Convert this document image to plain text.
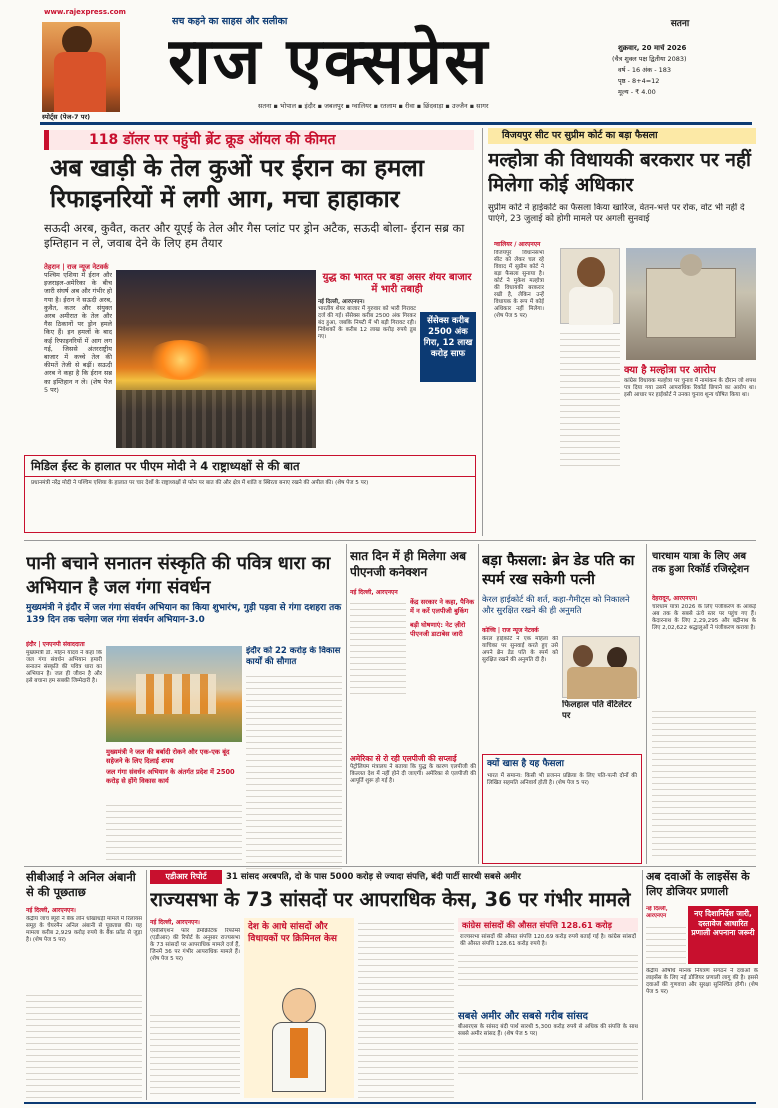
www.rajexpress.com
स्पोर्ट्स (पेज-7 पर)
सच कहने का साहस और सलीका
राज एक्सप्रेस
सतना ▪ भोपाल ▪ इंदौर ▪ जबलपुर ▪ ग्वालियर ▪ रतलाम ▪ रीवा ▪ छिंदवाड़ा ▪ उज्जैन ▪ सागर
सतना
शुक्रवार, 20 मार्च 2026
(चैत्र शुक्ल पक्ष द्वितीया 2083)
वर्ष - 16 अंक - 183
पृष्ठ - 8+4=12
मूल्य - ₹ 4.00
118 डॉलर पर पहुंची ब्रेंट क्रूड ऑयल की कीमत
अब खाड़ी के तेल कुओं पर ईरान का हमला
रिफाइनरियों में लगी आग, मचा हाहाकार
सऊदी अरब, कुवैत, कतर और यूएई के तेल और गैस प्लांट पर ड्रोन अटैक, सऊदी बोला- ईरान सब्र का इम्तिहान न ले, जवाब देने के लिए हम तैयार
तेहरान | राज न्यूज नेटवर्क
पश्चिम एशिया में ईरान और इजराइल-अमेरिका के बीच जारी संघर्ष अब और गंभीर हो गया है। ईरान ने सऊदी अरब, कुवैत, कतर और संयुक्त अरब अमीरात के तेल और गैस ठिकानों पर ड्रोन हमले किए हैं। इन हमलों के बाद कई रिफाइनरियों में आग लग गई, जिससे अंतरराष्ट्रीय बाजार में कच्चे तेल की कीमतें तेजी से बढ़ीं। सऊदी अरब ने कहा है कि ईरान सब्र का इम्तिहान न ले। (शेष पेज 5 पर)
युद्ध का भारत पर बड़ा असर शेयर बाजार में भारी तबाही
नई दिल्ली, आरएनएन।
भारतीय शेयर बाजार में गुरुवार को भारी गिरावट दर्ज की गई। सेंसेक्स करीब 2500 अंक गिरकर बंद हुआ, जबकि निफ्टी में भी बड़ी गिरावट रही। निवेशकों के करीब 12 लाख करोड़ रुपये डूब गए।
सेंसेक्स करीब 2500 अंक गिरा, 12 लाख करोड़ साफ
मिडिल ईस्ट के हालात पर पीएम मोदी ने 4 राष्ट्राध्यक्षों से की बात
प्रधानमंत्री नरेंद्र मोदी ने पश्चिम एशिया के हालात पर चार देशों के राष्ट्राध्यक्षों से फोन पर बात की और क्षेत्र में शांति व स्थिरता बनाए रखने की अपील की। (शेष पेज 5 पर)
विजयपुर सीट पर सुप्रीम कोर्ट का बड़ा फैसला
मल्होत्रा की विधायकी बरकरार पर नहीं मिलेगा कोई अधिकार
सुप्रीम कोर्ट ने हाईकोर्ट का फैसला किया खारिज, वेतन-भत्ते पर रोक, वोट भी नहीं दे पाएंगे, 23 जुलाई को होगी मामले पर अगली सुनवाई
ग्वालियर / आरएनएन
विजयपुर विधानसभा सीट को लेकर चल रहे विवाद में सुप्रीम कोर्ट ने बड़ा फैसला सुनाया है। कोर्ट ने मुकेश मल्होत्रा की विधायकी बरकरार रखी है, लेकिन उन्हें विधायक के रूप में कोई अधिकार नहीं मिलेगा। (शेष पेज 5 पर)
क्या है मल्होत्रा पर आरोप
कांग्रेस विधायक मल्होत्रा पर चुनाव में नामांकन के दौरान जो शपथ पत्र दिया गया उसमें आपराधिक रिकॉर्ड छिपाने का आरोप था। इसी आधार पर हाईकोर्ट ने उनका चुनाव शून्य घोषित किया था।
पानी बचाने सनातन संस्कृति की पवित्र धारा का अभियान है जल गंगा संवर्धन
मुख्यमंत्री ने इंदौर में जल गंगा संवर्धन अभियान का किया शुभारंभ, गुड़ी पड़वा से गंगा दशहरा तक 139 दिन तक चलेगा जल गंगा संवर्धन अभियान-3.0
इंदौर | एनएनपी संवाददाता
मुख्यमंत्री डॉ. मोहन यादव ने कहा कि जल गंगा संवर्धन अभियान हमारी सनातन संस्कृति की पवित्र धारा का अभियान है। जल ही जीवन है और इसे बचाना हम सबकी जिम्मेदारी है।
इंदौर को 22 करोड़ के विकास कार्यों की सौगात
मुख्यमंत्री ने जल की बर्बादी रोकने और एक-एक बूंद सहेजने के लिए दिलाई शपथ
जल गंगा संवर्धन अभियान के अंतर्गत प्रदेश में 2500 करोड़ से होंगे विकास कार्य
सात दिन में ही मिलेगा अब पीएनजी कनेक्शन
नई दिल्ली, आरएनएन
केंद्र सरकार ने कहा, पैनिक में न करें एलपीजी बुकिंग
बड़ी घोषणाएं: नेट ज़ीरो पीएनजी डाटाबेस जारी
अमेरिका से रो रही एलपीजी की सप्लाई
पेट्रोलियम मंत्रालय ने बताया कि युद्ध के कारण एलपीजी की किल्लत देश में नहीं होने दी जाएगी। अमेरिका से एलपीजी की आपूर्ति शुरू हो गई है।
बड़ा फैसला: ब्रेन डेड पति का स्पर्म रख सकेगी पत्नी
केरल हाईकोर्ट की शर्त, कहा-गैमीट्स को निकालने और सुरक्षित रखने की ही अनुमति
कोच्चि | राज न्यूज नेटवर्क
केरल हाईकोर्ट ने एक महिला की याचिका पर सुनवाई करते हुए उसे अपने ब्रेन डेड पति के स्पर्म को सुरक्षित रखने की अनुमति दी है।
फिलहाल पति वेंटिलेटर पर
क्यों खास है यह फैसला
भारत में समान्य: किसी भी प्रजनन प्रक्रिया के लिए पति-पत्नी दोनों की लिखित सहमति अनिवार्य होती है। (शेष पेज 5 पर)
चारधाम यात्रा के लिए अब तक हुआ रिकॉर्ड रजिस्ट्रेशन
देहरादून, आरएनएन।
चारधाम यात्रा 2026 के लिए पंजीकरण के आंकड़े अब तक के सबसे ऊंचे स्तर पर पहुंच गए हैं। केदारनाथ के लिए 2,29,295 और बद्रीनाथ के लिए 2,02,622 श्रद्धालुओं ने पंजीकरण कराया है।
सीबीआई ने अनिल अंबानी से की पूछताछ
नई दिल्ली, आरएनएन।
केंद्रीय जांच ब्यूरो ने बैंक लोन धोखाधड़ी मामले में रिलायंस समूह के चेयरमैन अनिल अंबानी से पूछताछ की। यह मामला करीब 2,929 करोड़ रुपये के बैंक फ्रॉड से जुड़ा है। (शेष पेज 5 पर)
एडीआर रिपोर्ट	31 सांसद अरबपति, दो के पास 5000 करोड़ से ज्यादा संपत्ति, बंदी पार्टी सारथी सबसे अमीर
राज्यसभा के 73 सांसदों पर आपराधिक केस, 36 पर गंभीर मामले
नई दिल्ली, आरएनएन।
एसोसिएशन फॉर डेमोक्रेटिक रिफॉर्म्स (एडीआर) की रिपोर्ट के अनुसार राज्यसभा के 73 सांसदों पर आपराधिक मामले दर्ज हैं, जिनमें 36 पर गंभीर आपराधिक मामले हैं। (शेष पेज 5 पर)
देश के आधे सांसदों और विधायकों पर क्रिमिनल केस
कांग्रेस सांसदों की औसत संपत्ति 128.61 करोड़
राज्यसभा सांसदों की औसत संपत्ति 120.69 करोड़ रुपये बताई गई है। कांग्रेस सांसदों की औसत संपत्ति 128.61 करोड़ रुपये है।
सबसे अमीर और सबसे गरीब सांसद
बीआरएस के सांसद बंदी पार्थ सारथी 5,300 करोड़ रुपये से अधिक की संपत्ति के साथ सबसे अमीर सांसद हैं। (शेष पेज 5 पर)
अब दवाओं के लाइसेंस के लिए डोजियर प्रणाली
नए दिशानिर्देश जारी, दस्तावेज आधारित प्रणाली अपनाना जरूरी
नई दिल्ली, आरएनएन
केंद्रीय औषधि मानक नियंत्रण संगठन ने दवाओं के लाइसेंस के लिए नई डोजियर प्रणाली लागू की है। इससे दवाओं की गुणवत्ता और सुरक्षा सुनिश्चित होगी। (शेष पेज 5 पर)
